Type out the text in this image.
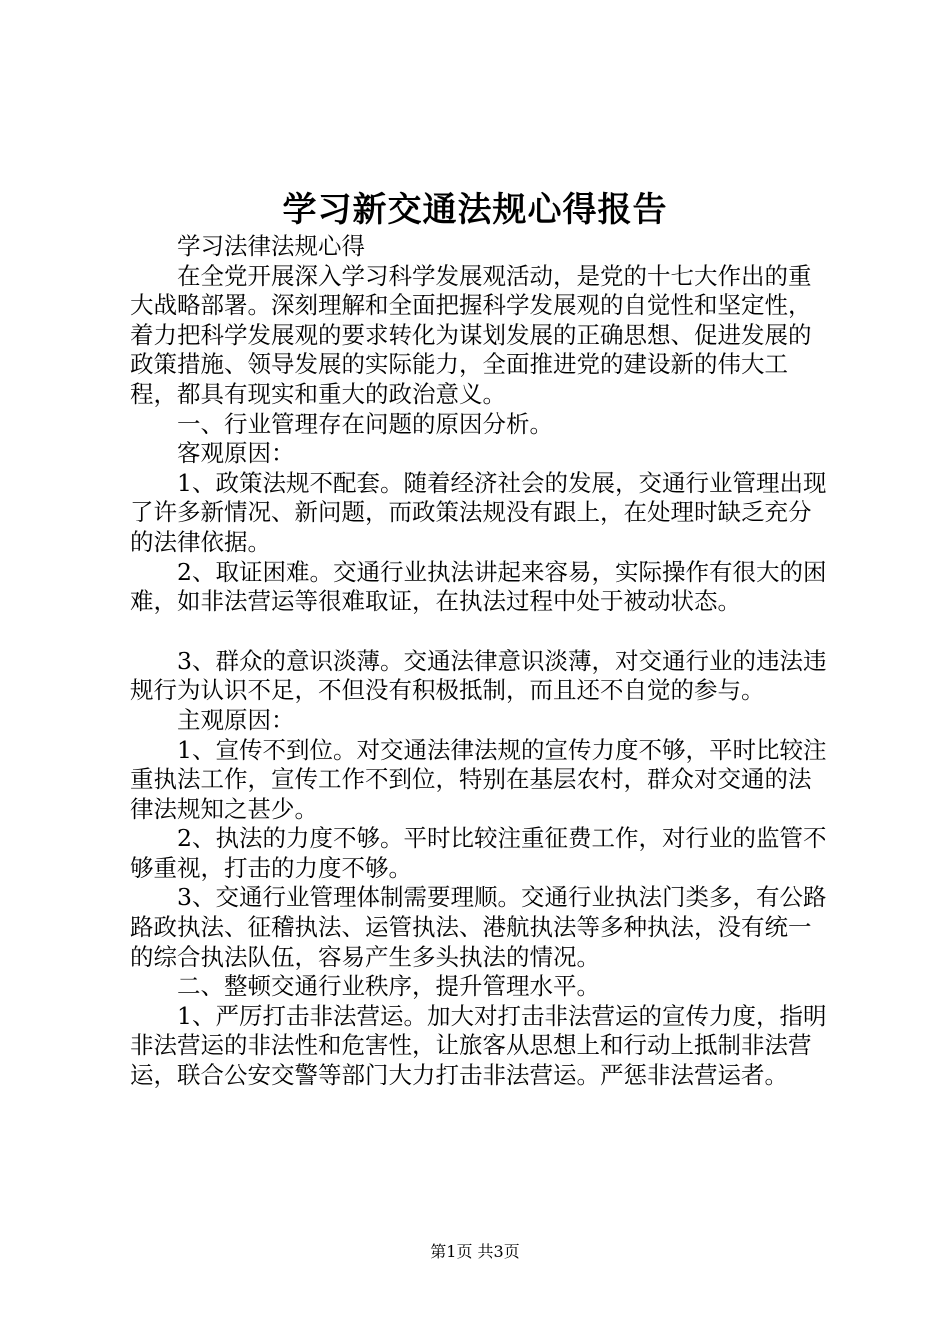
学习新交通法规心得报告

学习法律法规心得

在全党开展深入学习科学发展观活动，是党的十七大作出的重大战略部署。深刻理解和全面把握科学发展观的自觉性和坚定性，着力把科学发展观的要求转化为谋划发展的正确思想、促进发展的政策措施、领导发展的实际能力，全面推进党的建设新的伟大工程，都具有现实和重大的政治意义。

一、行业管理存在问题的原因分析。

客观原因：

1、政策法规不配套。随着经济社会的发展，交通行业管理出现了许多新情况、新问题，而政策法规没有跟上，在处理时缺乏充分的法律依据。

2、取证困难。交通行业执法讲起来容易，实际操作有很大的困难，如非法营运等很难取证，在执法过程中处于被动状态。

3、群众的意识淡薄。交通法律意识淡薄，对交通行业的违法违规行为认识不足，不但没有积极抵制，而且还不自觉的参与。

主观原因：

1、宣传不到位。对交通法律法规的宣传力度不够，平时比较注重执法工作，宣传工作不到位，特别在基层农村，群众对交通的法律法规知之甚少。

2、执法的力度不够。平时比较注重征费工作，对行业的监管不够重视，打击的力度不够。

3、交通行业管理体制需要理顺。交通行业执法门类多，有公路路政执法、征稽执法、运管执法、港航执法等多种执法，没有统一的综合执法队伍，容易产生多头执法的情况。

二、整顿交通行业秩序，提升管理水平。

1、严厉打击非法营运。加大对打击非法营运的宣传力度，指明非法营运的非法性和危害性，让旅客从思想上和行动上抵制非法营运，联合公安交警等部门大力打击非法营运。严惩非法营运者。

第1页 共3页
